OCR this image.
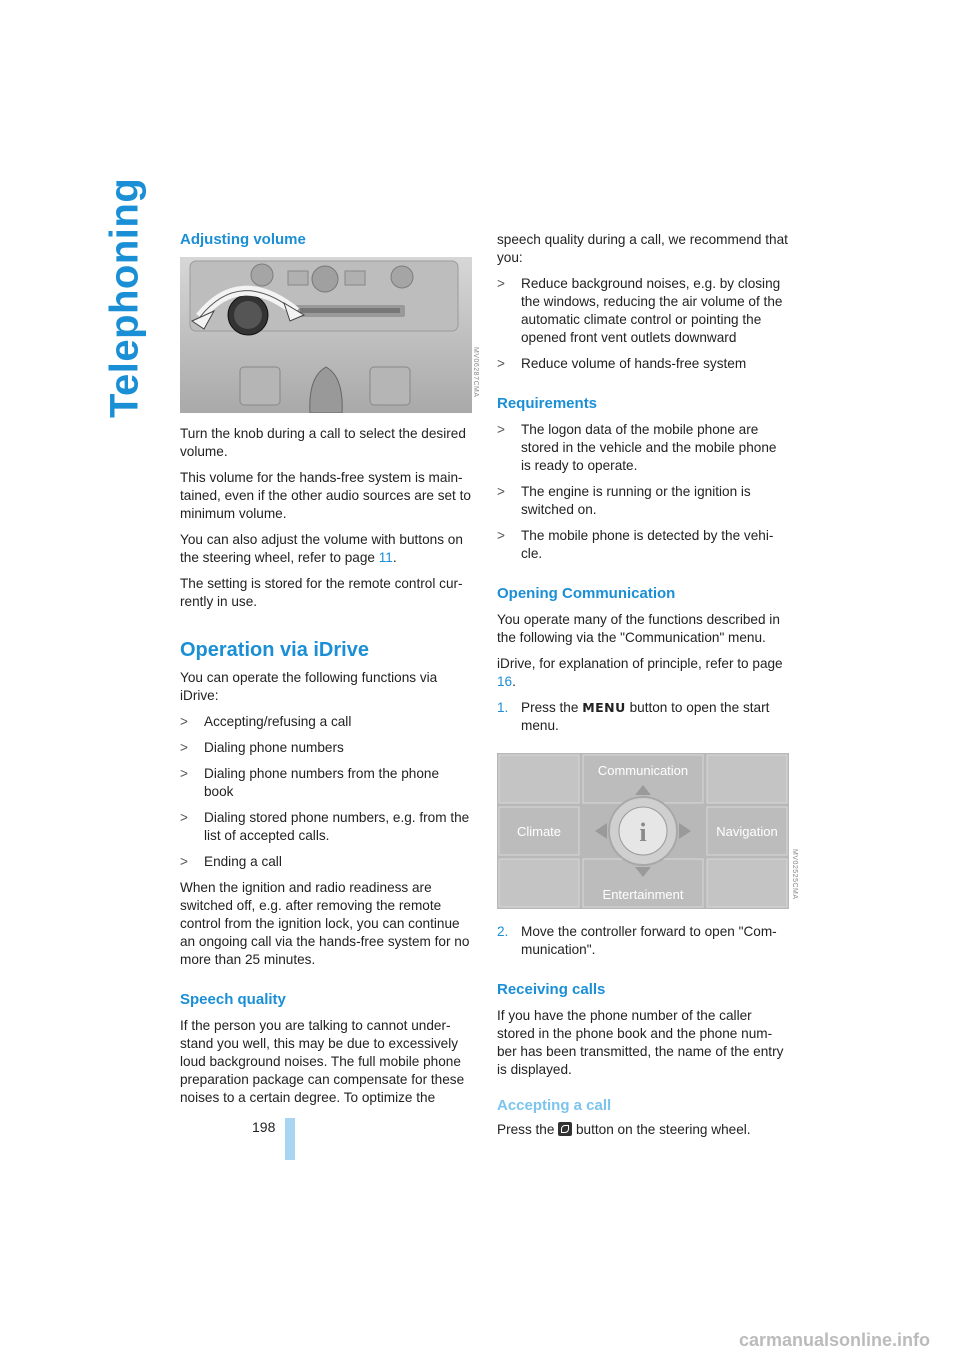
Telephoning Adjusting volume
MV06287CMA

Turn the knob during a call to select the desired volume.

This volume for the hands-free system is main-tained, even if the other audio sources are set to minimum volume.

You can also adjust the volume with buttons on the steering wheel, refer to page 11.

The setting is stored for the remote control cur-rently in use.

Operation via iDrive

You can operate the following functions via iDrive:

>	Accepting/refusing a call
>	Dialing phone numbers
>	Dialing phone numbers from the phone book
>	Dialing stored phone numbers, e.g. from the list of accepted calls.
>	Ending a call

When the ignition and radio readiness are switched off, e.g. after removing the remote control from the ignition lock, you can continue an ongoing call via the hands-free system for no more than 25 minutes.

Speech quality

If the person you are talking to cannot under-stand you well, this may be due to excessively loud background noises. The full mobile phone preparation package can compensate for these noises to a certain degree. To optimize the

speech quality during a call, we recommend that you:

>	Reduce background noises, e.g. by closing the windows, reducing the air volume of the automatic climate control or pointing the opened front vent outlets downward
>	Reduce volume of hands-free system
Requirements
>	The logon data of the mobile phone are stored in the vehicle and the mobile phone is ready to operate.
>	The engine is running or the ignition is switched on.
>	The mobile phone is detected by the vehi-cle.
Opening Communication

You operate many of the functions described in the following via the "Communication" menu.

iDrive, for explanation of principle, refer to page 16.

1. Press the MENU button to open the start menu.
i
Communication
Climate	Navigation
Entertainment	MV02525CMA
2. Move the controller forward to open "Com-munication".
Receiving calls

If you have the phone number of the caller stored in the phone book and the phone num-ber has been transmitted, the name of the entry is displayed.

Accepting a call

Press the  button on the steering wheel.

198
carmanualsonline.info
